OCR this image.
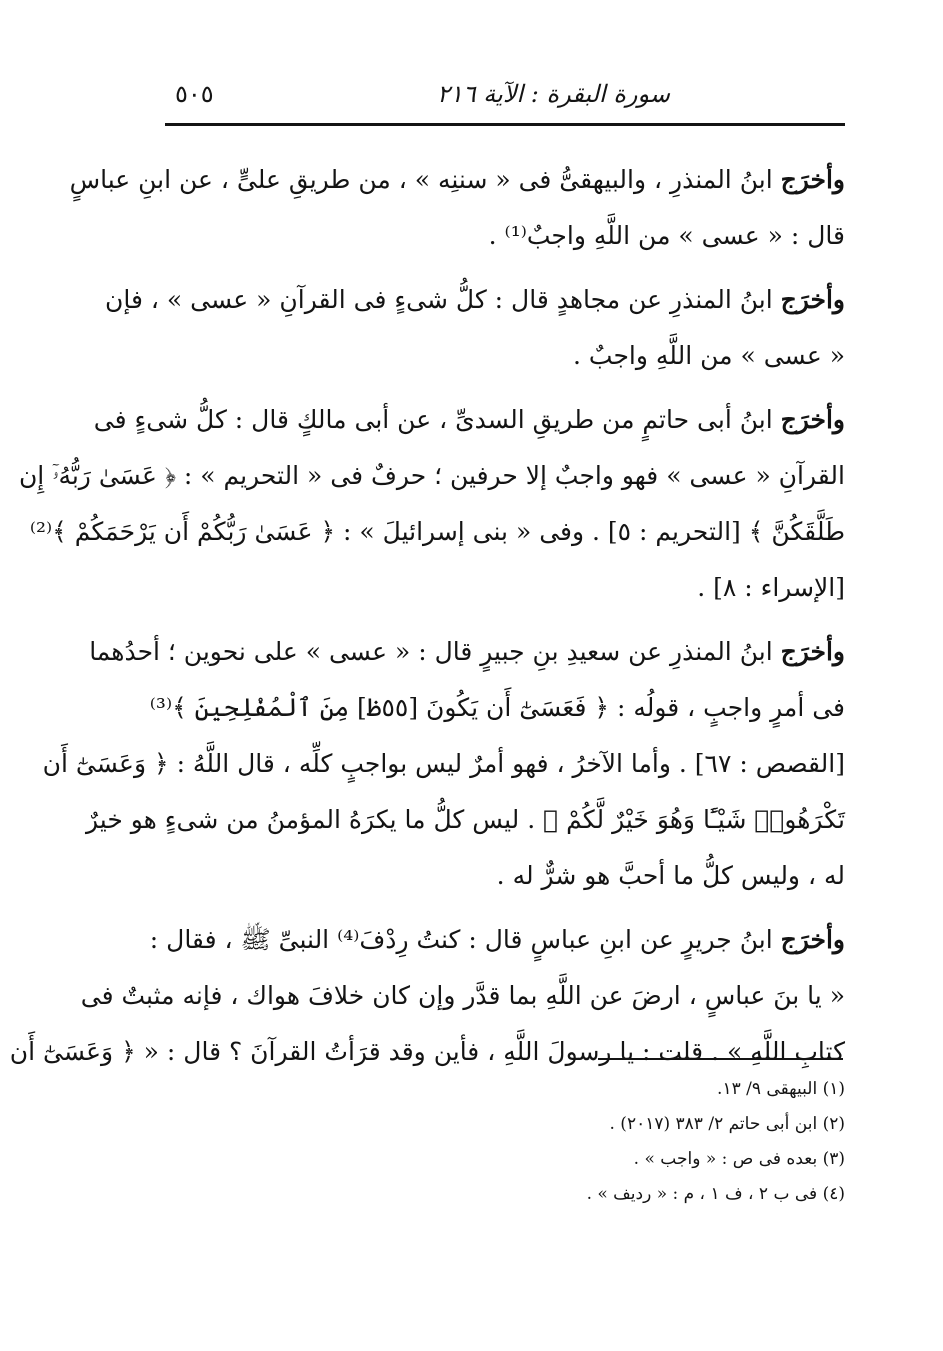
سورة البقرة : الآية ٢١٦
٥٠٥
وأخرَج ابنُ المنذرِ ، والبيهقىُّ فى « سننِه » ، من طريقِ علىٍّ ، عن ابنِ عباسٍ
قال : « عسى » من اللَّهِ واجبٌ⁽¹⁾ .
وأخرَج ابنُ المنذرِ عن مجاهدٍ قال : كلُّ شىءٍ فى القرآنِ « عسى » ، فإن
« عسى » من اللَّهِ واجبٌ .
وأخرَج ابنُ أبى حاتمٍ من طريقِ السدىِّ ، عن أبى مالكٍ قال : كلُّ شىءٍ فى
القرآنِ « عسى » فهو واجبٌ إلا حرفين ؛ حرفٌ فى « التحريم » : ﴿ عَسَىٰ رَبُّهُۥٓ إِن
طَلَّقَكُنَّ ﴾ [التحريم : ٥] . وفى « بنى إسرائيلَ » : ﴿ عَسَىٰ رَبُّكُمْ أَن يَرْحَمَكُمْ ﴾⁽²⁾
[الإسراء : ٨] .
وأخرَج ابنُ المنذرِ عن سعيدِ بنِ جبيرٍ قال : « عسى » على نحوين ؛ أحدُهما
فى أمرٍ واجبٍ ، قولُه : ﴿ فَعَسَىٰٓ أَن يَكُونَ [٥٥ظ] مِنَ ٱلْمُفْلِحِينَ ﴾⁽³⁾
[القصص : ٦٧] . وأما الآخرُ ، فهو أمرٌ ليس بواجبٍ كلِّه ، قال اللَّهُ : ﴿ وَعَسَىٰٓ أَن
تَكْرَهُوا۟ شَيْـًٔا وَهُوَ خَيْرٌ لَّكُمْ ﴾ . ليس كلُّ ما يكرَهُ المؤمنُ من شىءٍ هو خيرٌ
له ، وليس كلُّ ما أحبَّ هو شرٌّ له .
وأخرَج ابنُ جريرٍ عن ابنِ عباسٍ قال : كنتُ رِدْفَ⁽⁴⁾ النبىِّ ﷺ ، فقال :
« يا بنَ عباسٍ ، ارضَ عن اللَّهِ بما قدَّر وإن كان خلافَ هواك ، فإنه مثبتٌ فى
كتابِ اللَّهِ » . قلت : يا رسولَ اللَّهِ ، فأين وقد قرَأتُ القرآنَ ؟ قال : « ﴿ وَعَسَىٰٓ أَن
(١) البيهقى ٩/ ١٣.
(٢) ابن أبى حاتم ٢/ ٣٨٣ (٢٠١٧) .
(٣) بعده فى ص : « واجب » .
(٤) فى ب ٢ ، ف ١ ، م : « رديف » .
